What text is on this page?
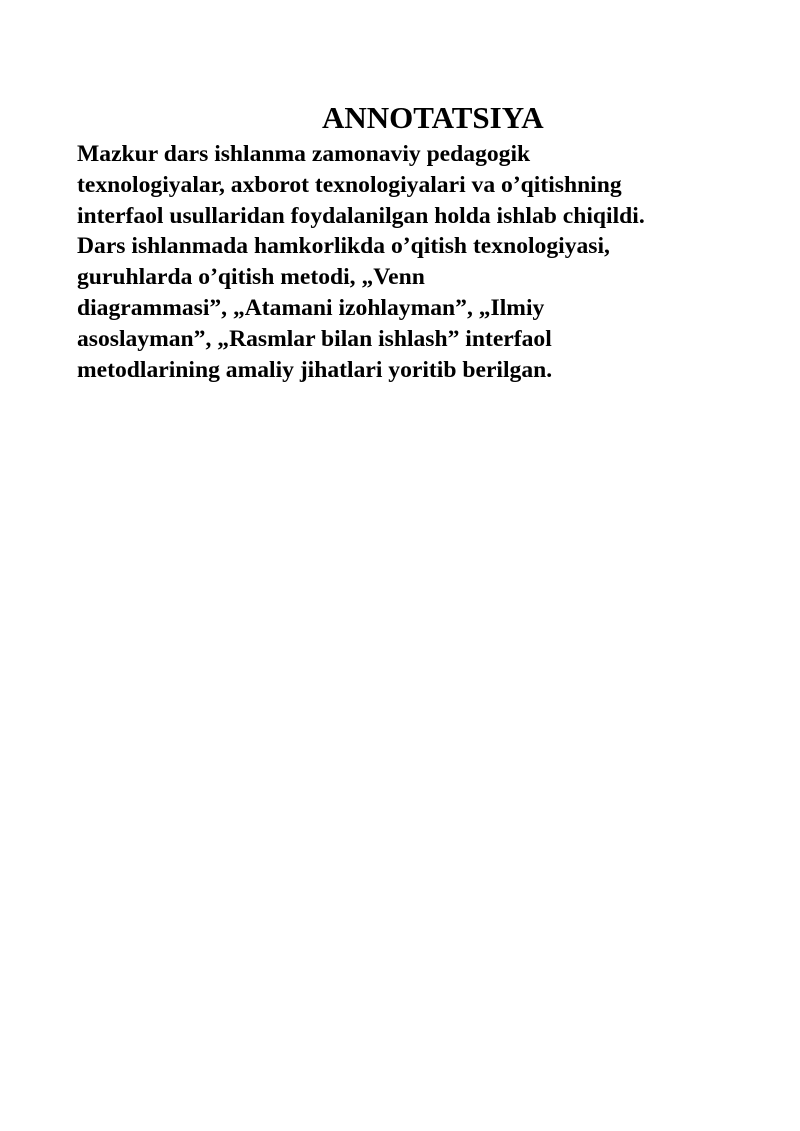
ANNOTATSIYA

Mazkur dars ishlanma zamonaviy pedagogik
texnologiyalar, axborot texnologiyalari va o’qitishning
interfaol usullaridan foydalanilgan holda ishlab chiqildi.
Dars ishlanmada hamkorlikda o’qitish texnologiyasi,
guruhlarda o’qitish metodi, „Venn
diagrammasi”, „Atamani izohlayman”, „Ilmiy
asoslayman”, „Rasmlar bilan ishlash” interfaol
metodlarining amaliy jihatlari yoritib berilgan.
